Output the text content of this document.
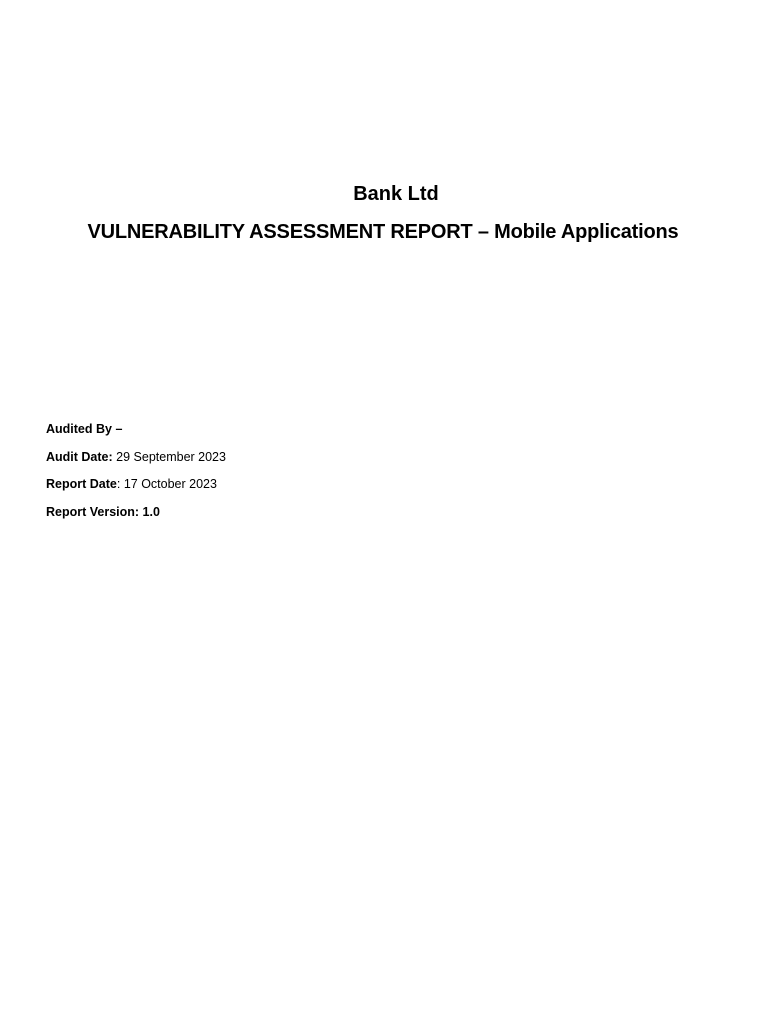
Bank Ltd
VULNERABILITY ASSESSMENT REPORT – Mobile Applications
Audited By –
Audit Date: 29 September 2023
Report Date: 17 October 2023
Report Version: 1.0
